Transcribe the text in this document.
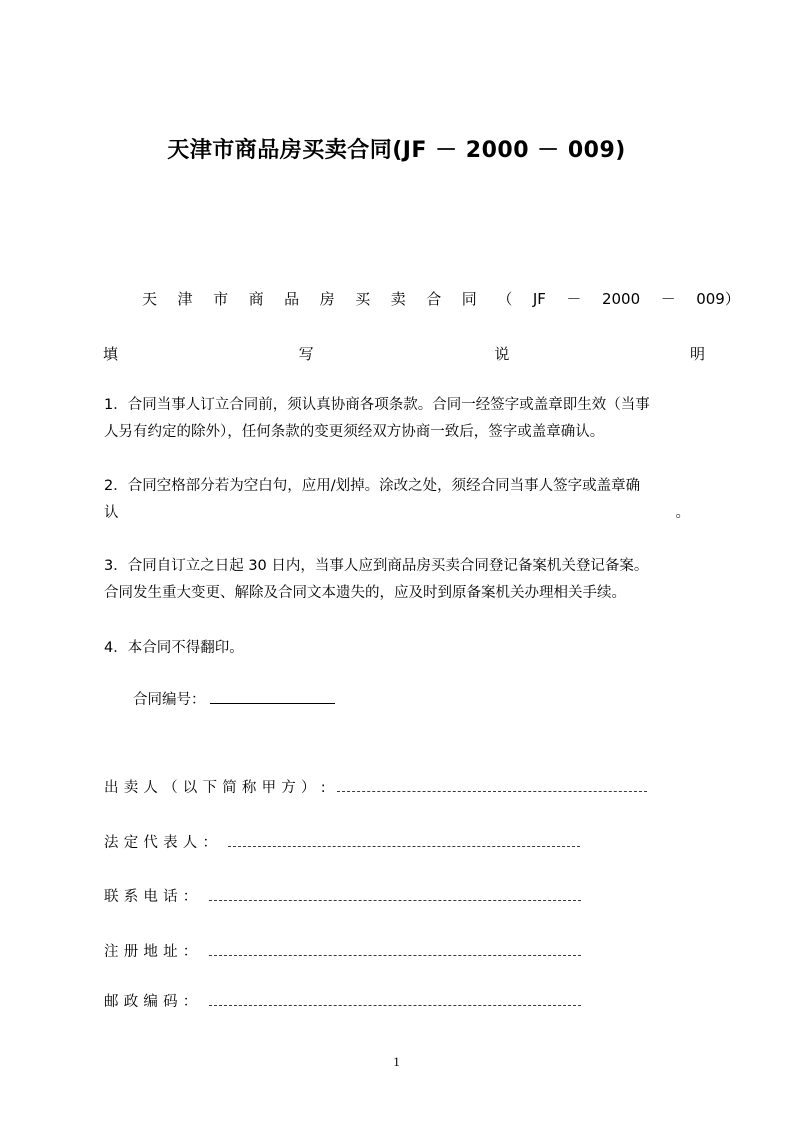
天津市商品房买卖合同(JF － 2000 － 009)
天 津 市 商 品 房 买 卖 合 同 （ JF － 2000 － 009）
填	写	说	明
1．合同当事人订立合同前，须认真协商各项条款。合同一经签字或盖章即生效（当事
人另有约定的除外），任何条款的变更须经双方协商一致后，签字或盖章确认。
2．合同空格部分若为空白句，应用/划掉。涂改之处，须经合同当事人签字或盖章确
认	。
3．合同自订立之日起 30 日内，当事人应到商品房买卖合同登记备案机关登记备案。
合同发生重大变更、解除及合同文本遗失的，应及时到原备案机关办理相关手续。
4．本合同不得翻印。
合同编号：
出卖人（以下简称甲方）:
法定代表人：
联系电话：
注册地址：
邮政编码：
1
